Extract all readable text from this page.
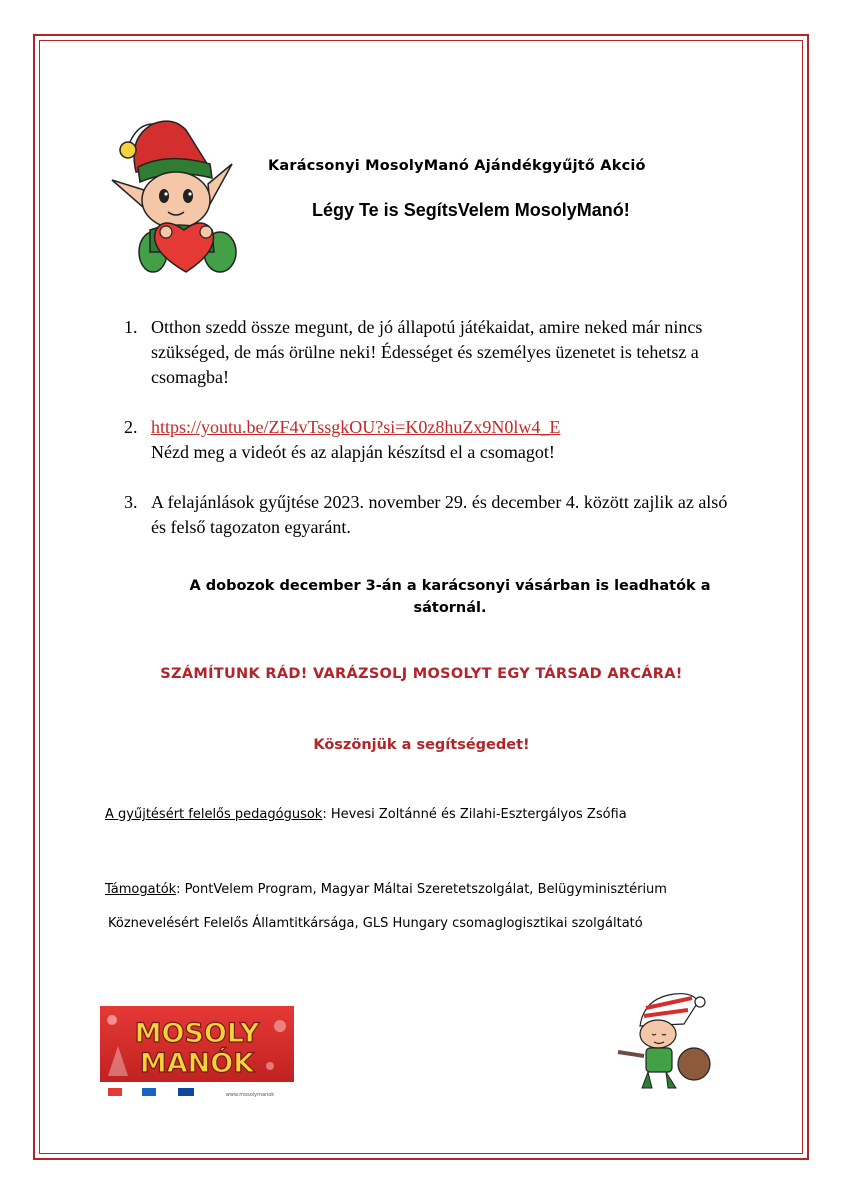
Karácsonyi MosolyManó Ajándékgyűjtő Akció
Légy Te is SegítsVelem MosolyManó!
1. Otthon szedd össze megunt, de jó állapotú játékaidat, amire neked már nincs szükséged, de más örülne neki! Édességet és személyes üzenetet is tehetsz a csomagba!
2. https://youtu.be/ZF4vTssgkOU?si=K0z8huZx9N0lw4_E
Nézd meg a videót és az alapján készítsd el a csomagot!
3. A felajánlások gyűjtése 2023. november 29. és december 4. között zajlik az alsó és felső tagozaton egyaránt.
A dobozok december 3-án a karácsonyi vásárban is leadhatók a sátornál.
SZÁMÍTUNK RÁD! VARÁZSOLJ MOSOLYT EGY TÁRSAD ARCÁRA!
Köszönjük a segítségedet!
A gyűjtésért felelős pedagógusok: Hevesi Zoltánné és Zilahi-Esztergályos Zsófia
Támogatók: PontVelem Program, Magyar Máltai Szeretetszolgálat, Belügyminisztérium
Köznevelésért Felelős Államtitkársága, GLS Hungary csomaglogisztikai szolgáltató
MOSOLY
MANÓK
www.mosolymanok
